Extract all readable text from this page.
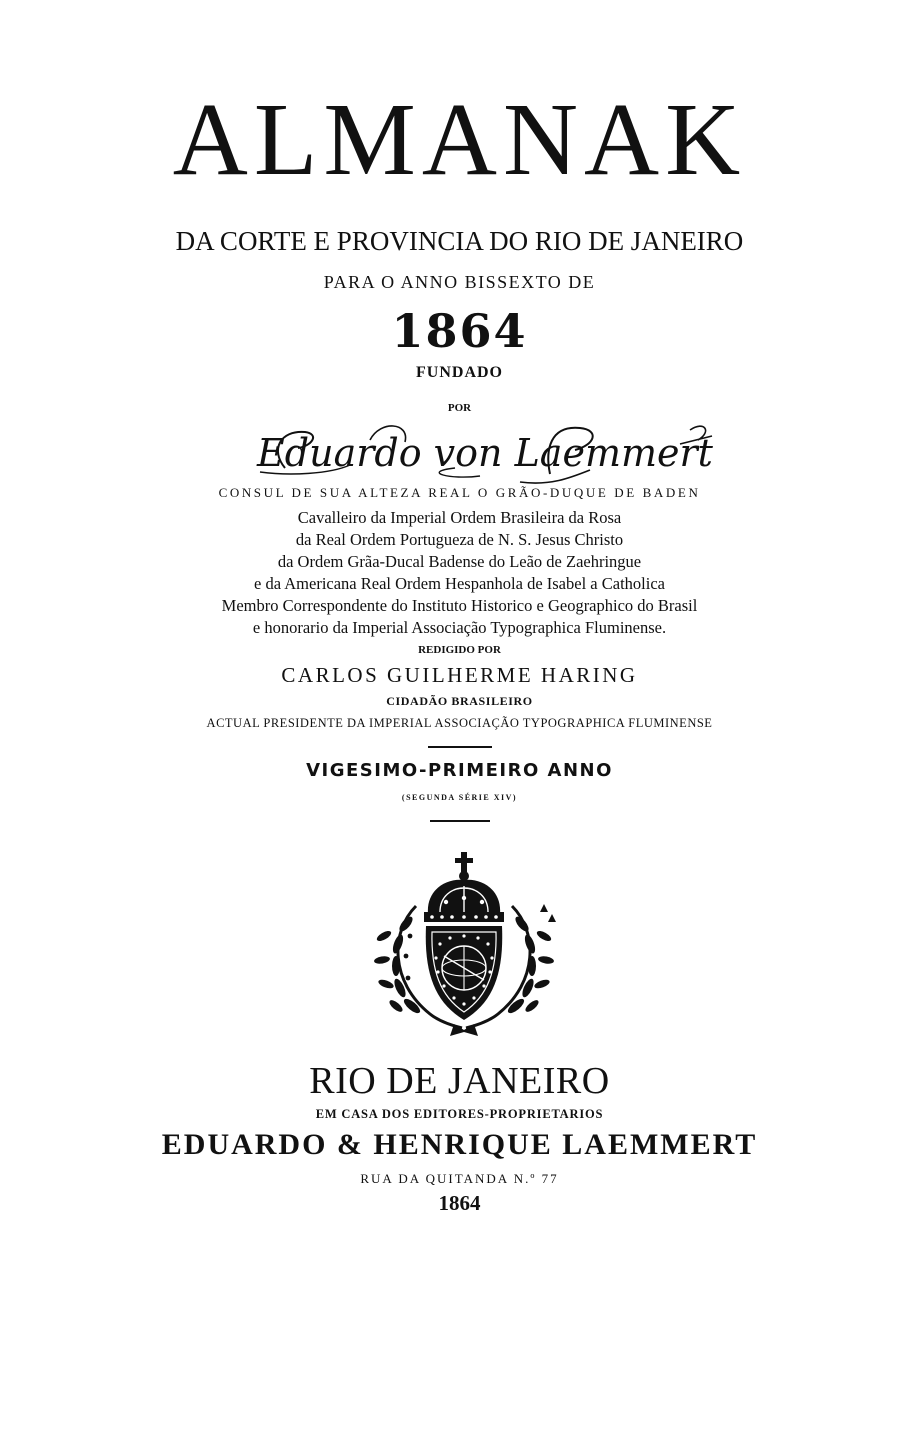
ALMANAK
DA CORTE E PROVINCIA DO RIO DE JANEIRO
PARA O ANNO BISSEXTO DE
1864
FUNDADO
POR
Eduardo von Laemmert
CONSUL DE SUA ALTEZA REAL O GRÃO-DUQUE DE BADEN
Cavalleiro da Imperial Ordem Brasileira da Rosa
da Real Ordem Portugueza de N. S. Jesus Christo
da Ordem Grãa-Ducal Badense do Leão de Zaehringue
e da Americana Real Ordem Hespanhola de Isabel a Catholica
Membro Correspondente do Instituto Historico e Geographico do Brasil
e honorario da Imperial Associação Typographica Fluminense.
REDIGIDO POR
CARLOS GUILHERME HARING
CIDADÃO BRASILEIRO
ACTUAL PRESIDENTE DA IMPERIAL ASSOCIAÇÃO TYPOGRAPHICA FLUMINENSE
VIGESIMO-PRIMEIRO ANNO
(SEGUNDA SÉRIE XIV)
RIO DE JANEIRO
EM CASA DOS EDITORES-PROPRIETARIOS
EDUARDO & HENRIQUE LAEMMERT
RUA DA QUITANDA N.º 77
1864
